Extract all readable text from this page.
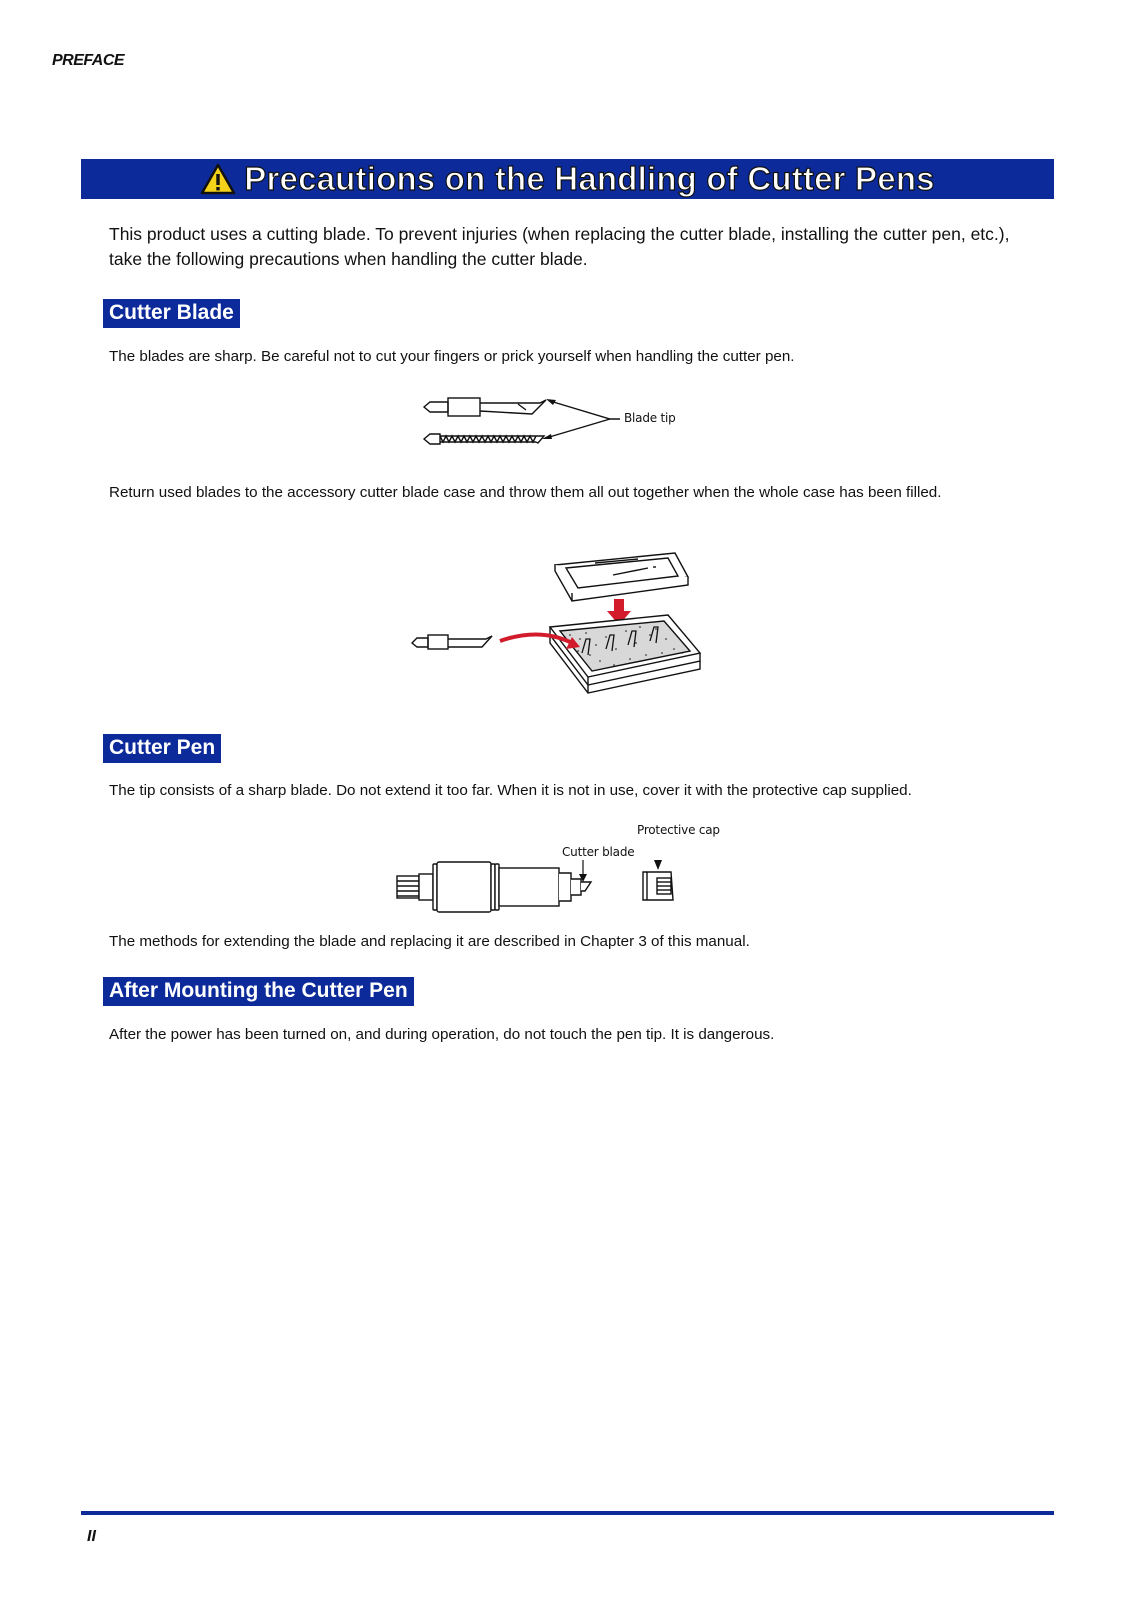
PREFACE
Precautions on the Handling of Cutter Pens
This product uses a cutting blade. To prevent injuries (when replacing the cutter blade, installing the cutter pen, etc.), take the following precautions when handling the cutter blade.
Cutter Blade
The blades are sharp. Be careful not to cut your fingers or prick yourself when handling the cutter pen.
Blade tip
Return used blades to the accessory cutter blade case and throw them all out together when the whole case has been filled.
Cutter Pen
The tip consists of a sharp blade. Do not extend it too far. When it is not in use, cover it with the protective cap supplied.
Protective cap
Cutter blade
The methods for extending the blade and replacing it are described in Chapter 3 of this manual.
After Mounting the Cutter Pen
After the power has been turned on, and during operation, do not touch the pen tip. It is dangerous.
II
